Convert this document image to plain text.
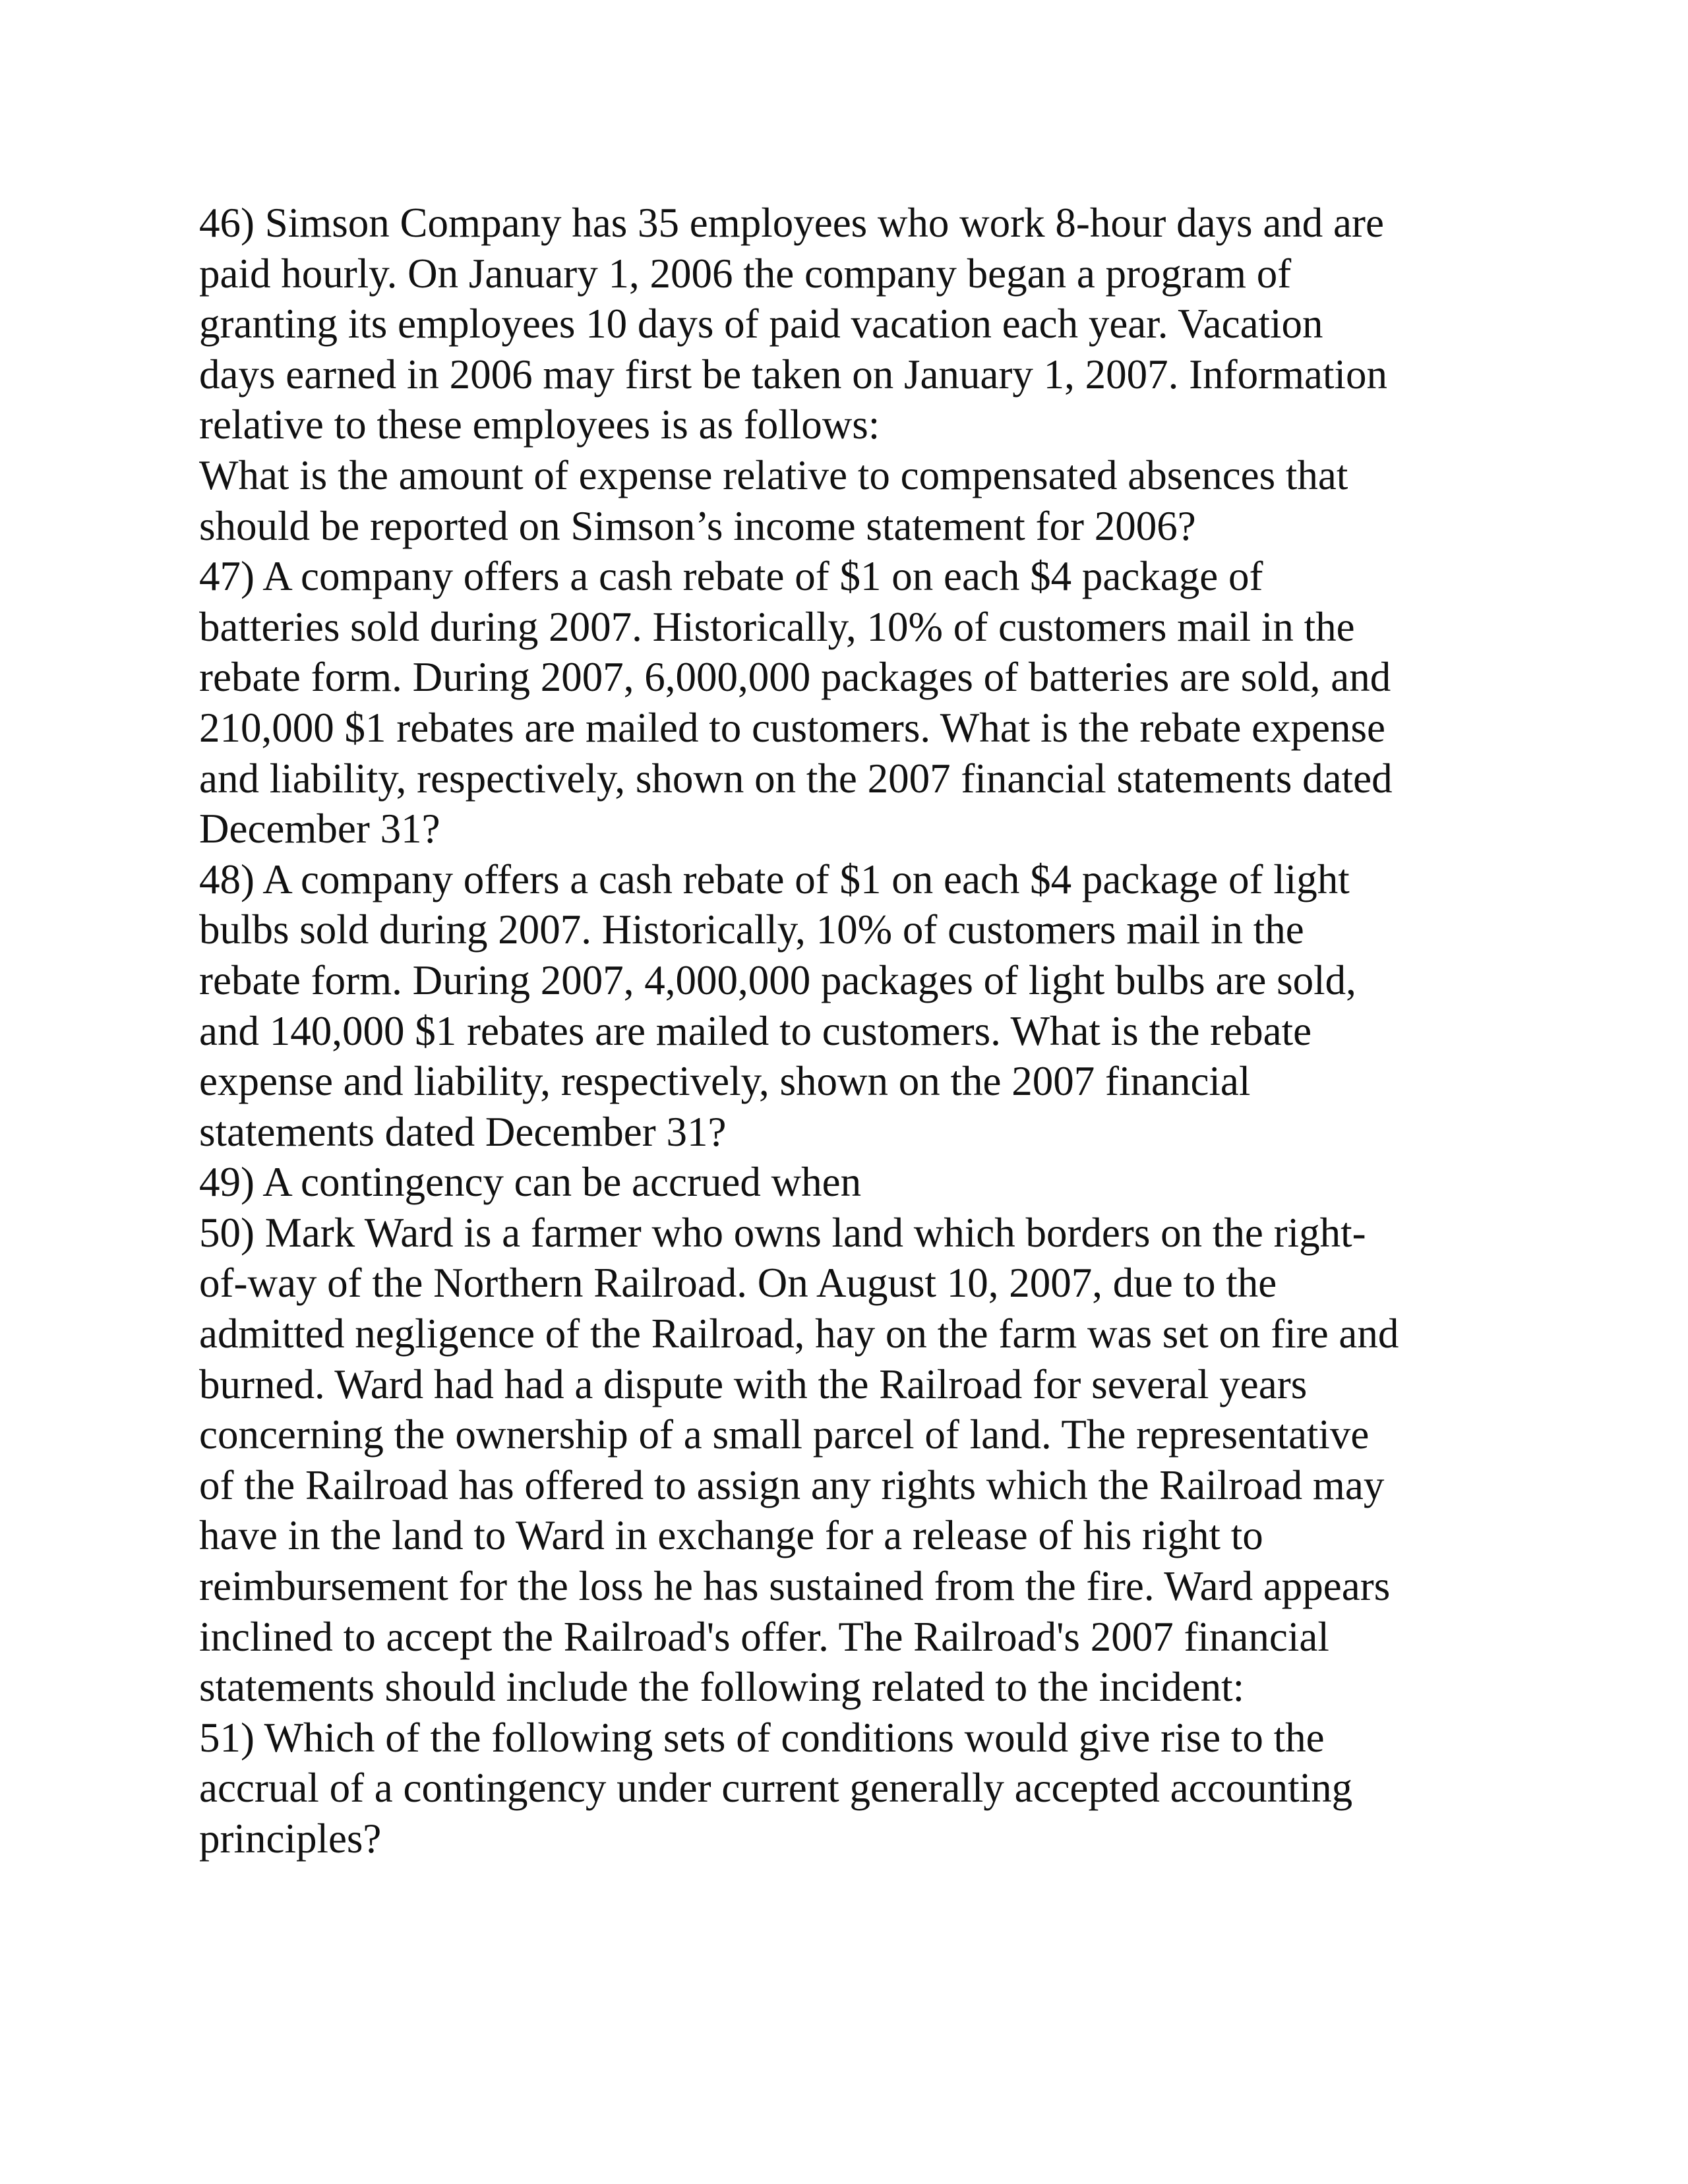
46) Simson Company has 35 employees who work 8-hour days and are
paid hourly. On January 1, 2006 the company began a program of
granting its employees 10 days of paid vacation each year. Vacation
days earned in 2006 may first be taken on January 1, 2007. Information
relative to these employees is as follows:
What is the amount of expense relative to compensated absences that
should be reported on Simson’s income statement for 2006?
47) A company offers a cash rebate of $1 on each $4 package of
batteries sold during 2007. Historically, 10% of customers mail in the
rebate form. During 2007, 6,000,000 packages of batteries are sold, and
210,000 $1 rebates are mailed to customers. What is the rebate expense
and liability, respectively, shown on the 2007 financial statements dated
December 31?
48) A company offers a cash rebate of $1 on each $4 package of light
bulbs sold during 2007. Historically, 10% of customers mail in the
rebate form. During 2007, 4,000,000 packages of light bulbs are sold,
and 140,000 $1 rebates are mailed to customers. What is the rebate
expense and liability, respectively, shown on the 2007 financial
statements dated December 31?
49) A contingency can be accrued when
50) Mark Ward is a farmer who owns land which borders on the right-
of-way of the Northern Railroad. On August 10, 2007, due to the
admitted negligence of the Railroad, hay on the farm was set on fire and
burned. Ward had had a dispute with the Railroad for several years
concerning the ownership of a small parcel of land. The representative
of the Railroad has offered to assign any rights which the Railroad may
have in the land to Ward in exchange for a release of his right to
reimbursement for the loss he has sustained from the fire. Ward appears
inclined to accept the Railroad's offer. The Railroad's 2007 financial
statements should include the following related to the incident:
51) Which of the following sets of conditions would give rise to the
accrual of a contingency under current generally accepted accounting
principles?
